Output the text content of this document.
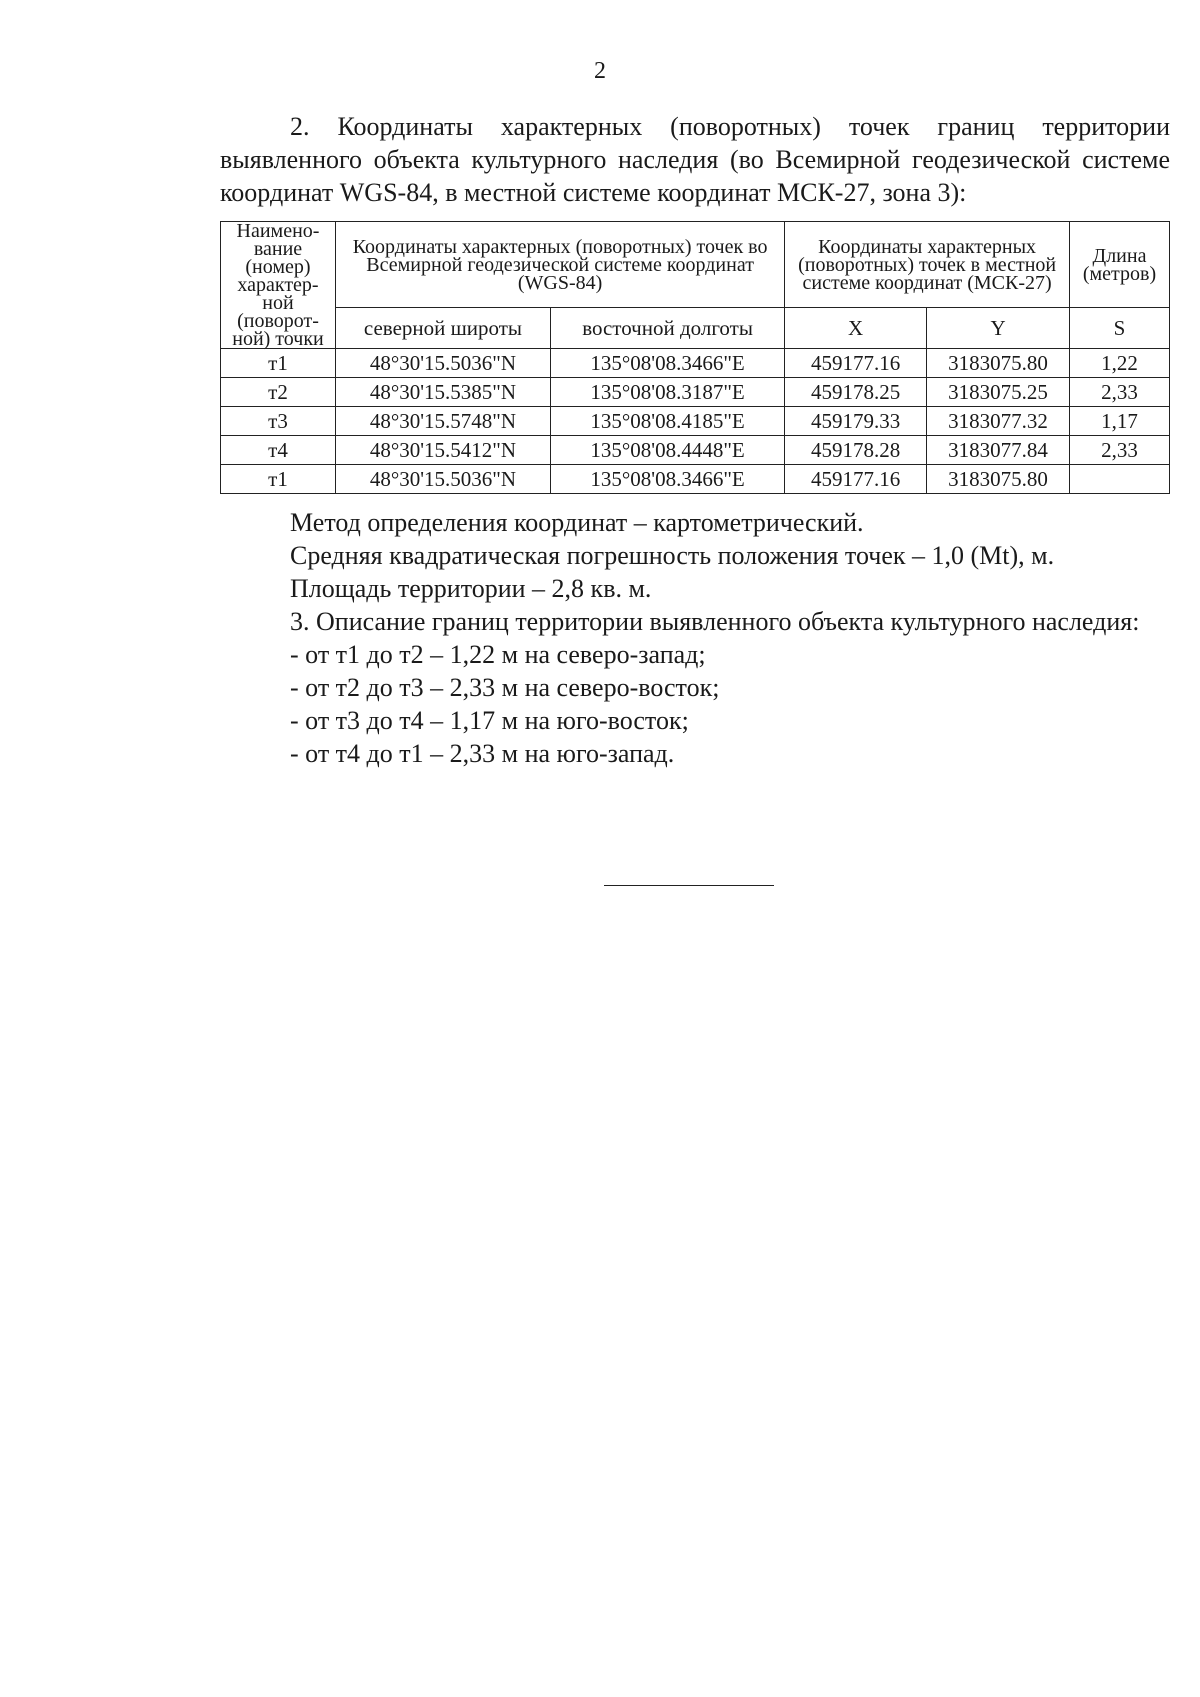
2

2. Координаты характерных (поворотных) точек границ территории выявленного объекта культурного наследия (во Всемирной геодезической системе координат WGS-84, в местной системе координат МСК-27, зона 3):

Наимено-вание (номер) характер-ной (поворот-ной) точки	Координаты характерных (поворотных) точек во Всемирной геодезической системе координат (WGS-84)		Координаты характерных (поворотных) точек в местной системе координат (МСК-27)		Длина (метров)
	северной широты	восточной долготы	X	Y	S
т1	48°30'15.5036"N	135°08'08.3466"E	459177.16	3183075.80	1,22
т2	48°30'15.5385"N	135°08'08.3187"E	459178.25	3183075.25	2,33
т3	48°30'15.5748"N	135°08'08.4185"E	459179.33	3183077.32	1,17
т4	48°30'15.5412"N	135°08'08.4448"E	459178.28	3183077.84	2,33
т1	48°30'15.5036"N	135°08'08.3466"E	459177.16	3183075.80	

Метод определения координат – картометрический.

Средняя квадратическая погрешность положения точек – 1,0 (Mt), м.

Площадь территории – 2,8 кв. м.

3. Описание границ территории выявленного объекта культурного наследия:

- от т1 до т2 – 1,22 м на северо-запад;

- от т2 до т3 – 2,33 м на северо-восток;

- от т3 до т4 – 1,17 м на юго-восток;

- от т4 до т1 – 2,33 м на юго-запад.
